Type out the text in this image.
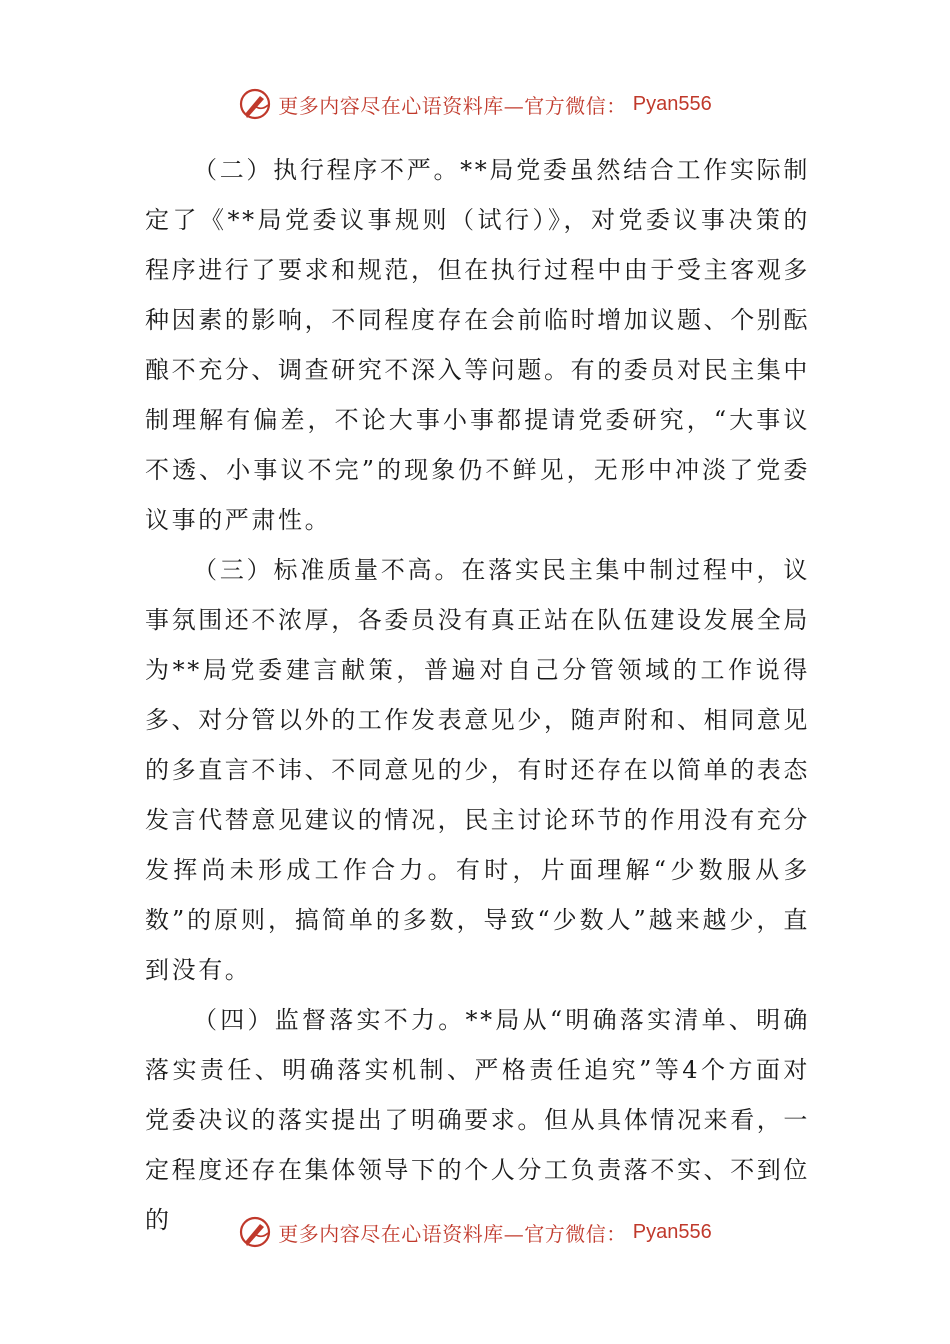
更多内容尽在心语资料库—官方微信： Pyan556

（二）执行程序不严。**局党委虽然结合工作实际制定了《**局党委议事规则（试行）》，对党委议事决策的程序进行了要求和规范，但在执行过程中由于受主客观多种因素的影响，不同程度存在会前临时增加议题、个别酝酿不充分、调查研究不深入等问题。有的委员对民主集中制理解有偏差，不论大事小事都提请党委研究，“大事议不透、小事议不完”的现象仍不鲜见，无形中冲淡了党委议事的严肃性。

（三）标准质量不高。在落实民主集中制过程中，议事氛围还不浓厚，各委员没有真正站在队伍建设发展全局为**局党委建言献策，普遍对自己分管领域的工作说得多、对分管以外的工作发表意见少，随声附和、相同意见的多直言不讳、不同意见的少，有时还存在以简单的表态发言代替意见建议的情况，民主讨论环节的作用没有充分发挥尚未形成工作合力。有时，片面理解“少数服从多数”的原则，搞简单的多数，导致“少数人”越来越少，直到没有。

（四）监督落实不力。**局从“明确落实清单、明确落实责任、明确落实机制、严格责任追究”等4个方面对党委决议的落实提出了明确要求。但从具体情况来看，一定程度还存在集体领导下的个人分工负责落不实、不到位的	更多内容尽在心语资料库—官方微信： Pyan556
